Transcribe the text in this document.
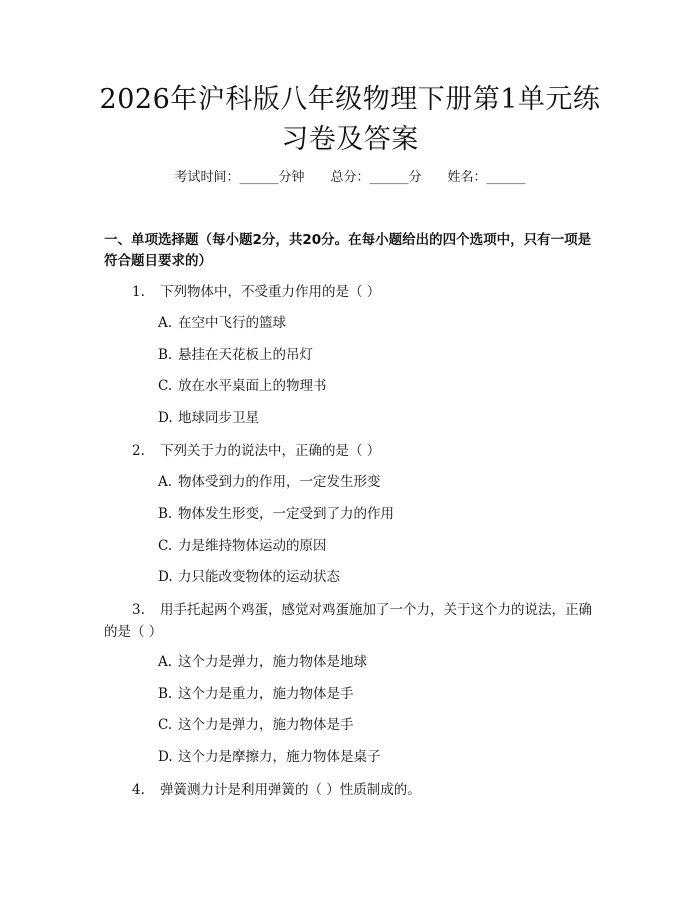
2026年沪科版八年级物理下册第1单元练习卷及答案
考试时间：______分钟 总分：______分 姓名：______
一、单项选择题（每小题2分，共20分。在每小题给出的四个选项中，只有一项是符合题目要求的）
1. 下列物体中，不受重力作用的是（ ）
A. 在空中飞行的篮球
B. 悬挂在天花板上的吊灯
C. 放在水平桌面上的物理书
D. 地球同步卫星
2. 下列关于力的说法中，正确的是（ ）
A. 物体受到力的作用，一定发生形变
B. 物体发生形变，一定受到了力的作用
C. 力是维持物体运动的原因
D. 力只能改变物体的运动状态
3. 用手托起两个鸡蛋，感觉对鸡蛋施加了一个力，关于这个力的说法，正确
的是（ ）
A. 这个力是弹力，施力物体是地球
B. 这个力是重力，施力物体是手
C. 这个力是弹力，施力物体是手
D. 这个力是摩擦力，施力物体是桌子
4. 弹簧测力计是利用弹簧的（ ）性质制成的。
